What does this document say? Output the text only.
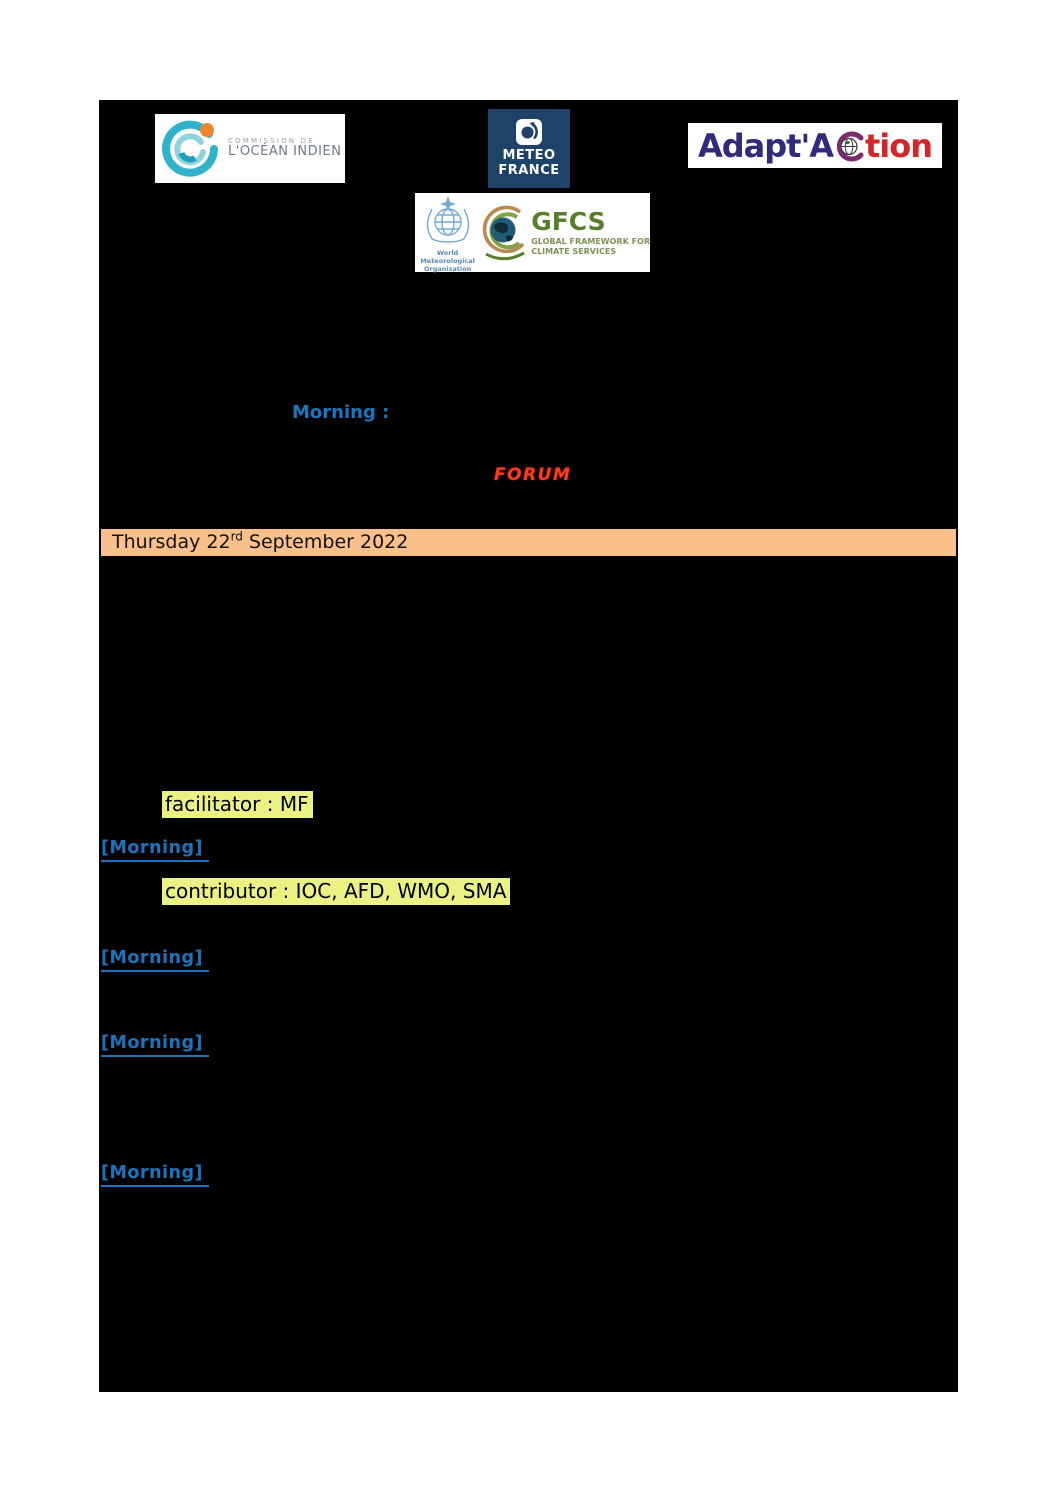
COMMISSION DE
L'OCÉAN INDIEN	METEO
FRANCE
World
Meteorological
Organization
GFCS
GLOBAL FRAMEWORK FOR
CLIMATE SERVICES
Adapt'A tion
Morning :
FORUM
Thursday 22rd September 2022
facilitator : MF
contributor : IOC, AFD, WMO, SMA
[Morning]
[Morning]
[Morning]
[Morning]
